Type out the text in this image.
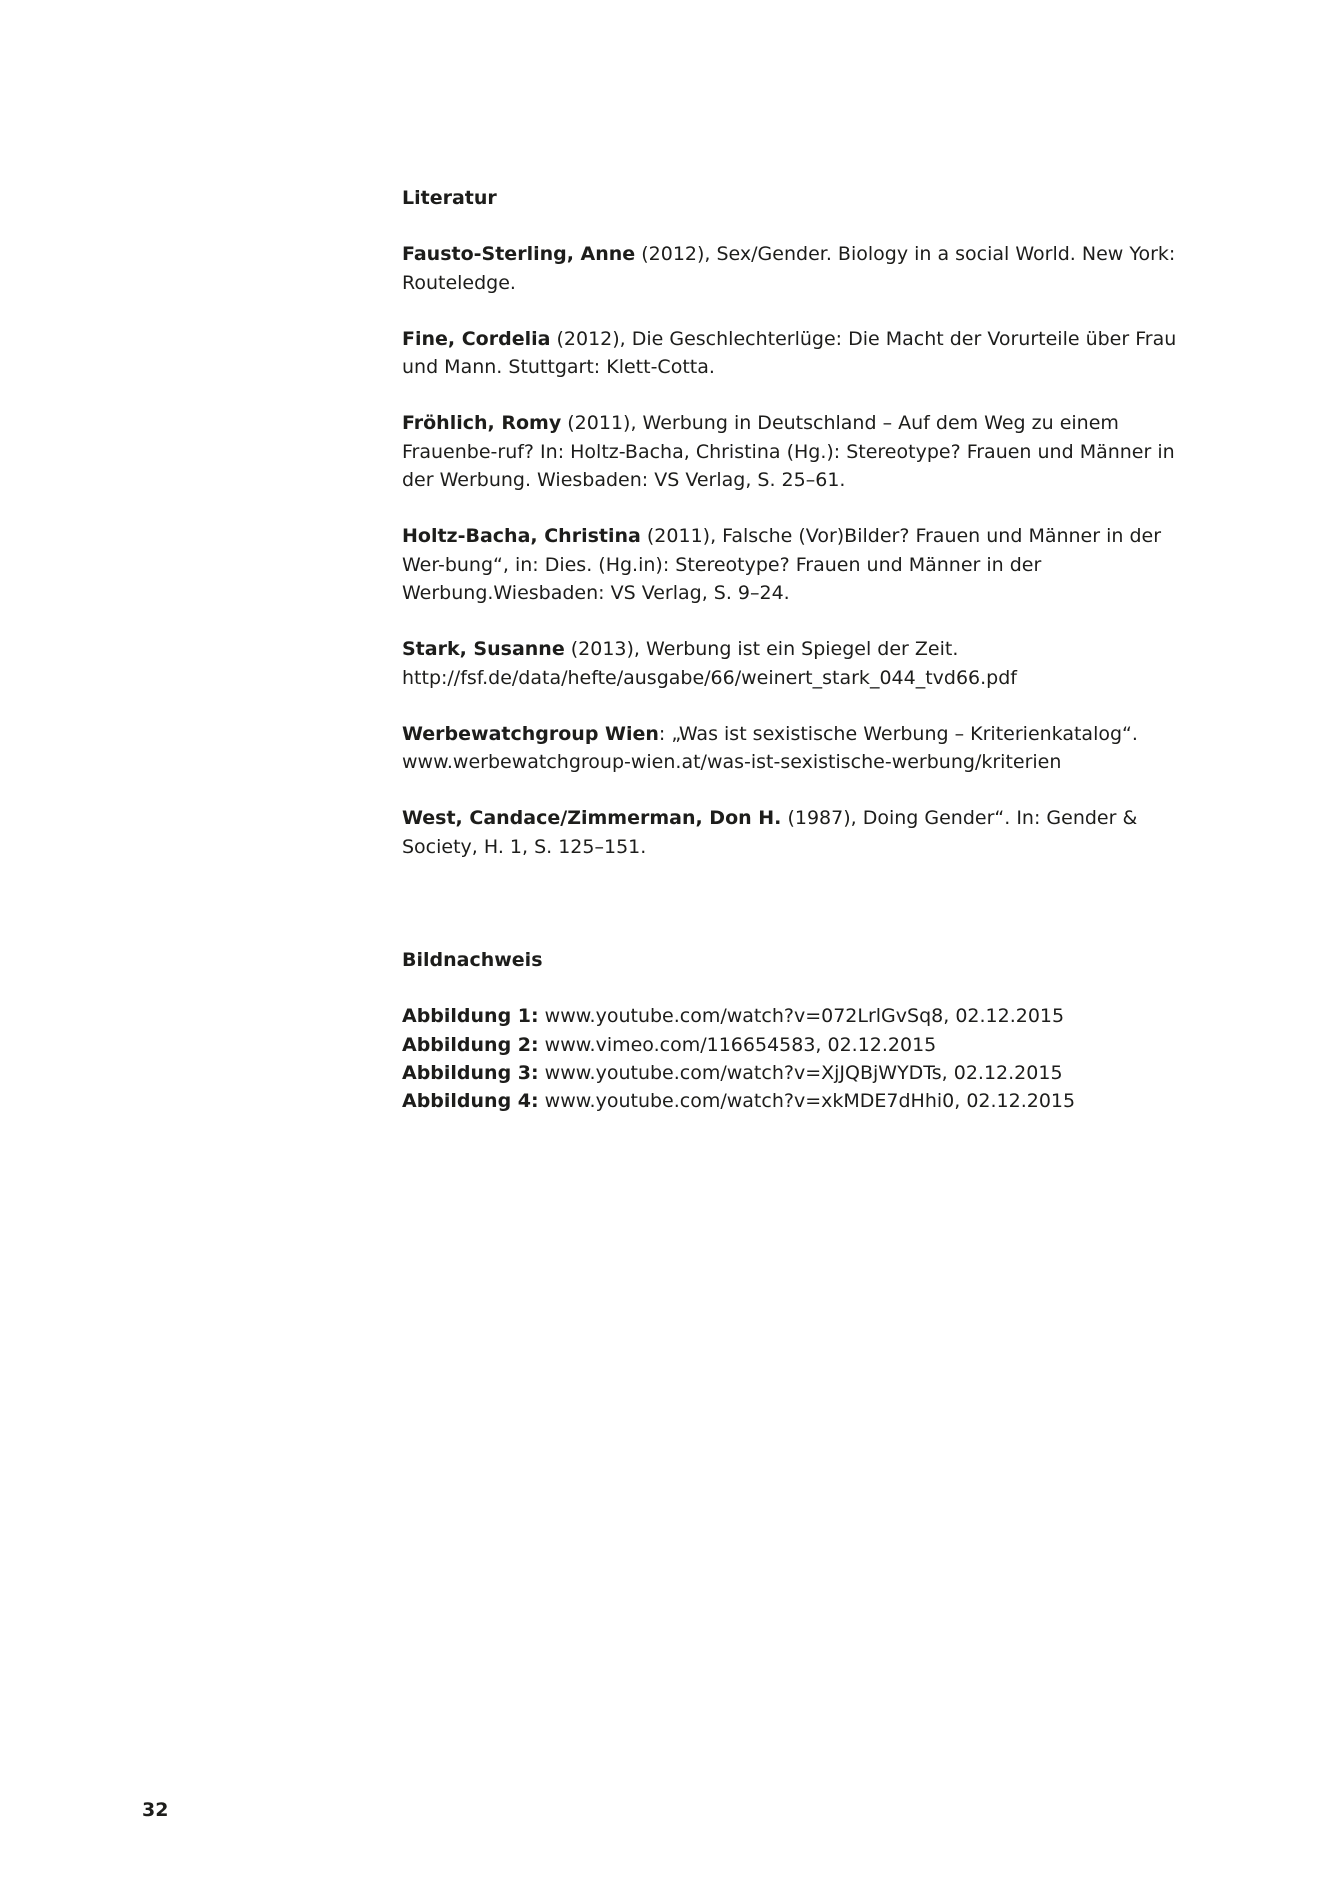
Literatur

Fausto-Sterling, Anne (2012), Sex/Gender. Biology in a social World. New York: Routeledge.

Fine, Cordelia (2012), Die Geschlechterlüge: Die Macht der Vorurteile über Frau und Mann. Stuttgart: Klett-Cotta.

Fröhlich, Romy (2011), Werbung in Deutschland – Auf dem Weg zu einem Frauenbe-ruf? In: Holtz-Bacha, Christina (Hg.): Stereotype? Frauen und Männer in der Werbung. Wiesbaden: VS Verlag, S. 25–61.

Holtz-Bacha, Christina (2011), Falsche (Vor)Bilder? Frauen und Männer in der Wer-bung“, in: Dies. (Hg.in): Stereotype? Frauen und Männer in der Werbung.Wiesbaden: VS Verlag, S. 9–24.

Stark, Susanne (2013), Werbung ist ein Spiegel der Zeit.
http://fsf.de/data/hefte/ausgabe/66/weinert_stark_044_tvd66.pdf

Werbewatchgroup Wien: „Was ist sexistische Werbung – Kriterienkatalog“.
www.werbewatchgroup-wien.at/was-ist-sexistische-werbung/kriterien

West, Candace/Zimmerman, Don H. (1987), Doing Gender“. In: Gender & Society, H. 1, S. 125–151.

Bildnachweis

Abbildung 1: www.youtube.com/watch?v=072LrlGvSq8, 02.12.2015

Abbildung 2: www.vimeo.com/116654583, 02.12.2015

Abbildung 3: www.youtube.com/watch?v=XjJQBjWYDTs, 02.12.2015

Abbildung 4: www.youtube.com/watch?v=xkMDE7dHhi0, 02.12.2015

32
